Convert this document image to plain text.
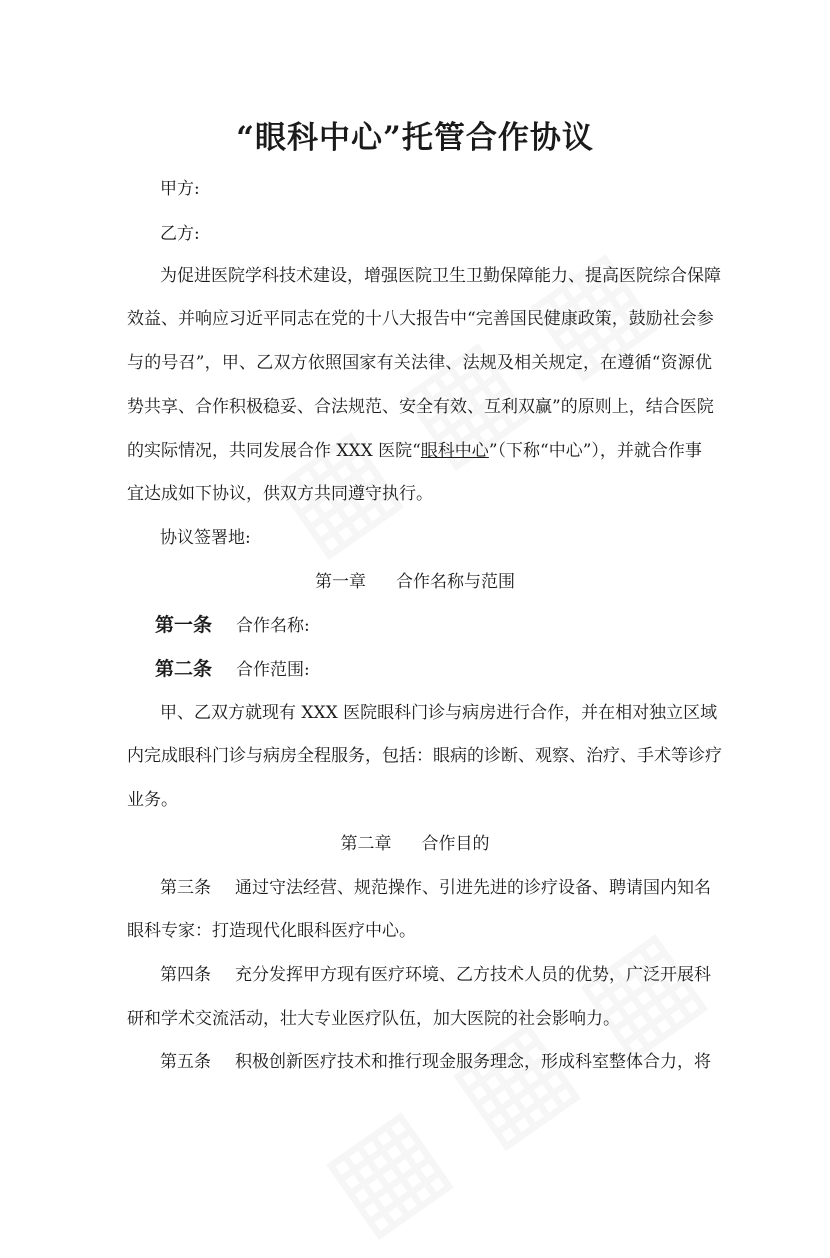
“眼科中心”托管合作协议
甲方:
乙方:
为促进医院学科技术建设，增强医院卫生卫勤保障能力、提高医院综合保障
效益、并响应习近平同志在党的十八大报告中“完善国民健康政策，鼓励社会参
与的号召”，甲、乙双方依照国家有关法律、法规及相关规定，在遵循“资源优
势共享、合作积极稳妥、合法规范、安全有效、互利双赢”的原则上，结合医院
的实际情况，共同发展合作 XXX 医院“眼科中心”（下称“中心”），并就合作事
宜达成如下协议，供双方共同遵守执行。
协议签署地:
第一章 合作名称与范围
第一条 合作名称:
第二条 合作范围:
甲、乙双方就现有 XXX 医院眼科门诊与病房进行合作，并在相对独立区域
内完成眼科门诊与病房全程服务，包括：眼病的诊断、观察、治疗、手术等诊疗
业务。
第二章 合作目的
第三条 通过守法经营、规范操作、引进先进的诊疗设备、聘请国内知名
眼科专家：打造现代化眼科医疗中心。
第四条 充分发挥甲方现有医疗环境、乙方技术人员的优势，广泛开展科
研和学术交流活动，壮大专业医疗队伍，加大医院的社会影响力。
第五条 积极创新医疗技术和推行现金服务理念，形成科室整体合力，将
